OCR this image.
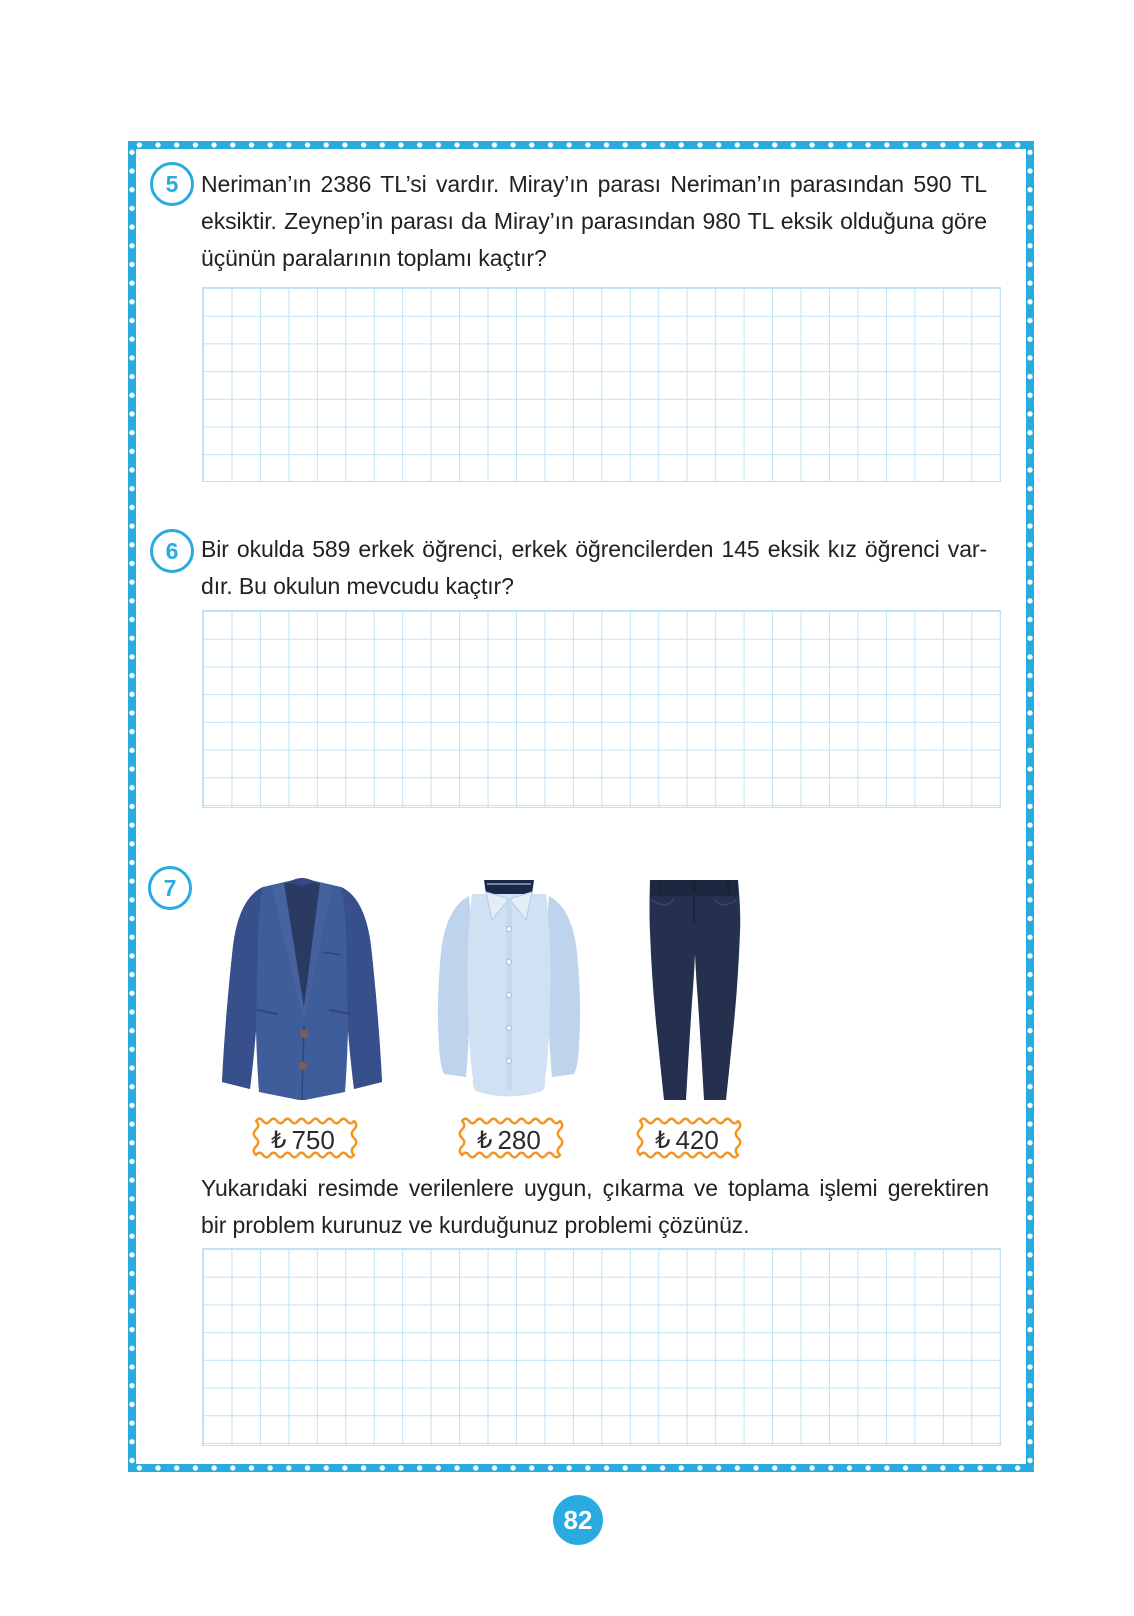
5 Neriman’ın 2386 TL’si vardır. Miray’ın parası Neriman’ın parasından 590 TL
eksiktir. Zeynep’in parası da Miray’ın parasından 980 TL eksik olduğuna göre
üçünün paralarının toplamı kaçtır?
6 Bir okulda 589 erkek öğrenci, erkek öğrencilerden 145 eksik kız öğrenci var-
dır. Bu okulun mevcudu kaçtır?
7
₺ 750	₺ 280	₺ 420
Yukarıdaki resimde verilenlere uygun, çıkarma ve toplama işlemi gerektiren
bir problem kurunuz ve kurduğunuz problemi çözünüz.
82
